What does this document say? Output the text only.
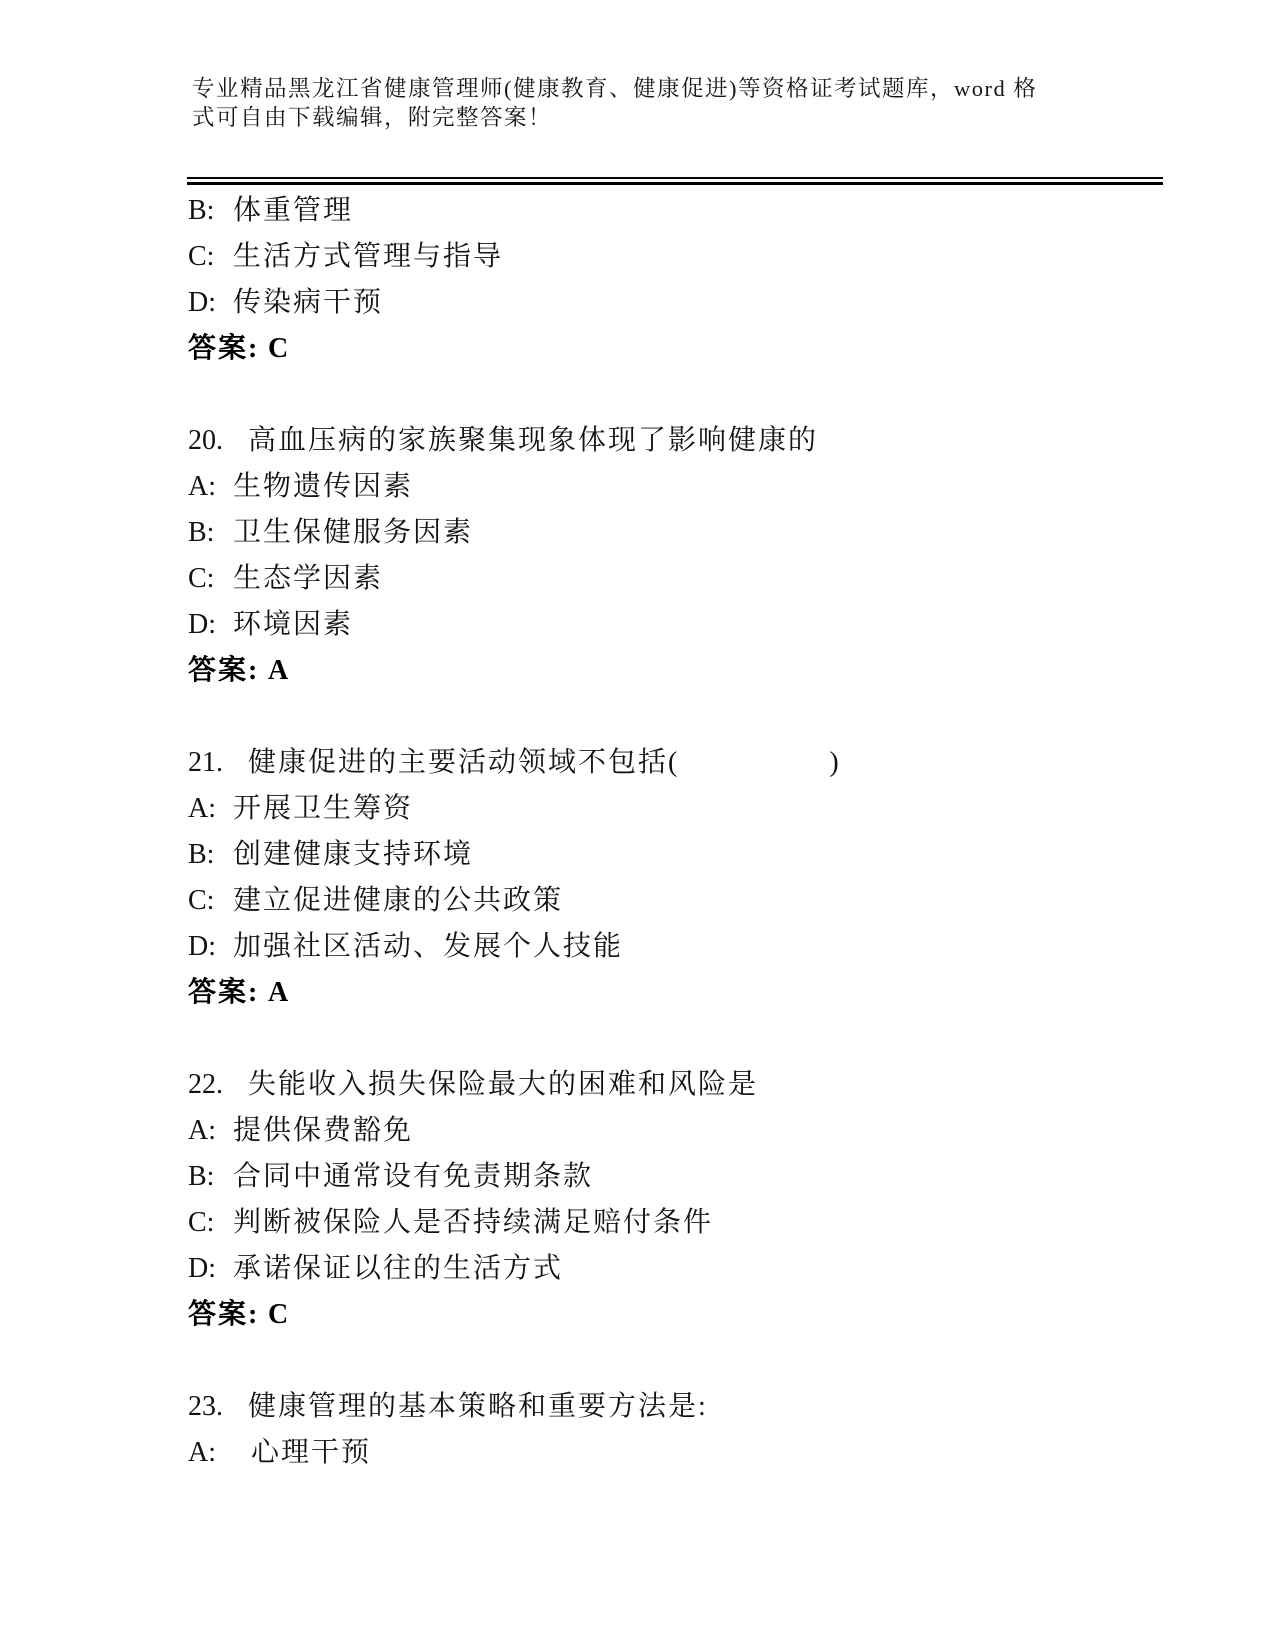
专业精品黑龙江省健康管理师(健康教育、健康促进)等资格证考试题库，word 格
式可自由下载编辑，附完整答案！
B: 体重管理
C: 生活方式管理与指导
D: 传染病干预
答案: C
20. 高血压病的家族聚集现象体现了影响健康的
A: 生物遗传因素
B: 卫生保健服务因素
C: 生态学因素
D: 环境因素
答案: A
21. 健康促进的主要活动领域不包括(　　　　　)
A: 开展卫生筹资
B: 创建健康支持环境
C: 建立促进健康的公共政策
D: 加强社区活动、发展个人技能
答案: A
22. 失能收入损失保险最大的困难和风险是
A: 提供保费豁免
B: 合同中通常设有免责期条款
C: 判断被保险人是否持续满足赔付条件
D: 承诺保证以往的生活方式
答案: C
23. 健康管理的基本策略和重要方法是:
A:  心理干预
